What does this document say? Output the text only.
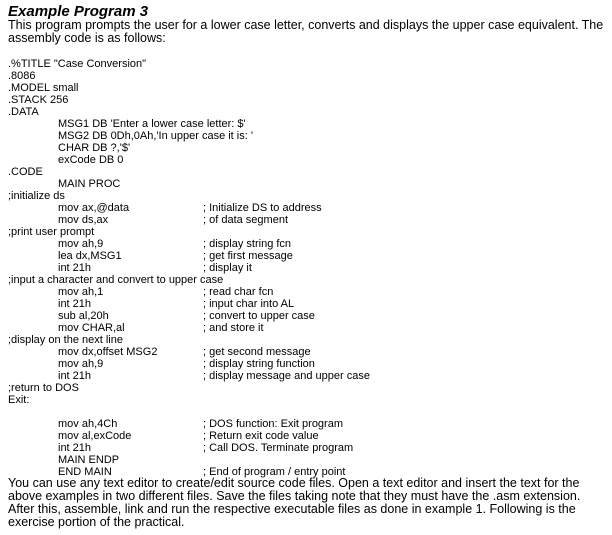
Example Program 3
This program prompts the user for a lower case letter, converts and displays the upper case equivalent. The assembly code is as follows:
.%TITLE "Case Conversion"
.8086
.MODEL small
.STACK 256
.DATA
MSG1 DB 'Enter a lower case letter: $'
MSG2 DB 0Dh,0Ah,'In upper case it is: '
CHAR DB ?,'$'
exCode DB 0
.CODE
MAIN PROC
;initialize ds
mov ax,@data	; Initialize DS to address
mov ds,ax	; of data segment
;print user prompt
mov ah,9	; display string fcn
lea dx,MSG1	; get first message
int 21h	; display it
;input a character and convert to upper case
mov ah,1	; read char fcn
int 21h	; input char into AL
sub al,20h	; convert to upper case
mov CHAR,al	; and store it
;display on the next line
mov dx,offset MSG2	; get second message
mov ah,9	; display string function
int 21h	; display message and upper case
;return to DOS
Exit:
mov ah,4Ch	; DOS function: Exit program
mov al,exCode	; Return exit code value
int 21h	; Call DOS. Terminate program
MAIN ENDP
END MAIN	; End of program / entry point
You can use any text editor to create/edit source code files. Open a text editor and insert the text for the above examples in two different files. Save the files taking note that they must have the .asm extension. After this, assemble, link and run the respective executable files as done in example 1. Following is the exercise portion of the practical.
